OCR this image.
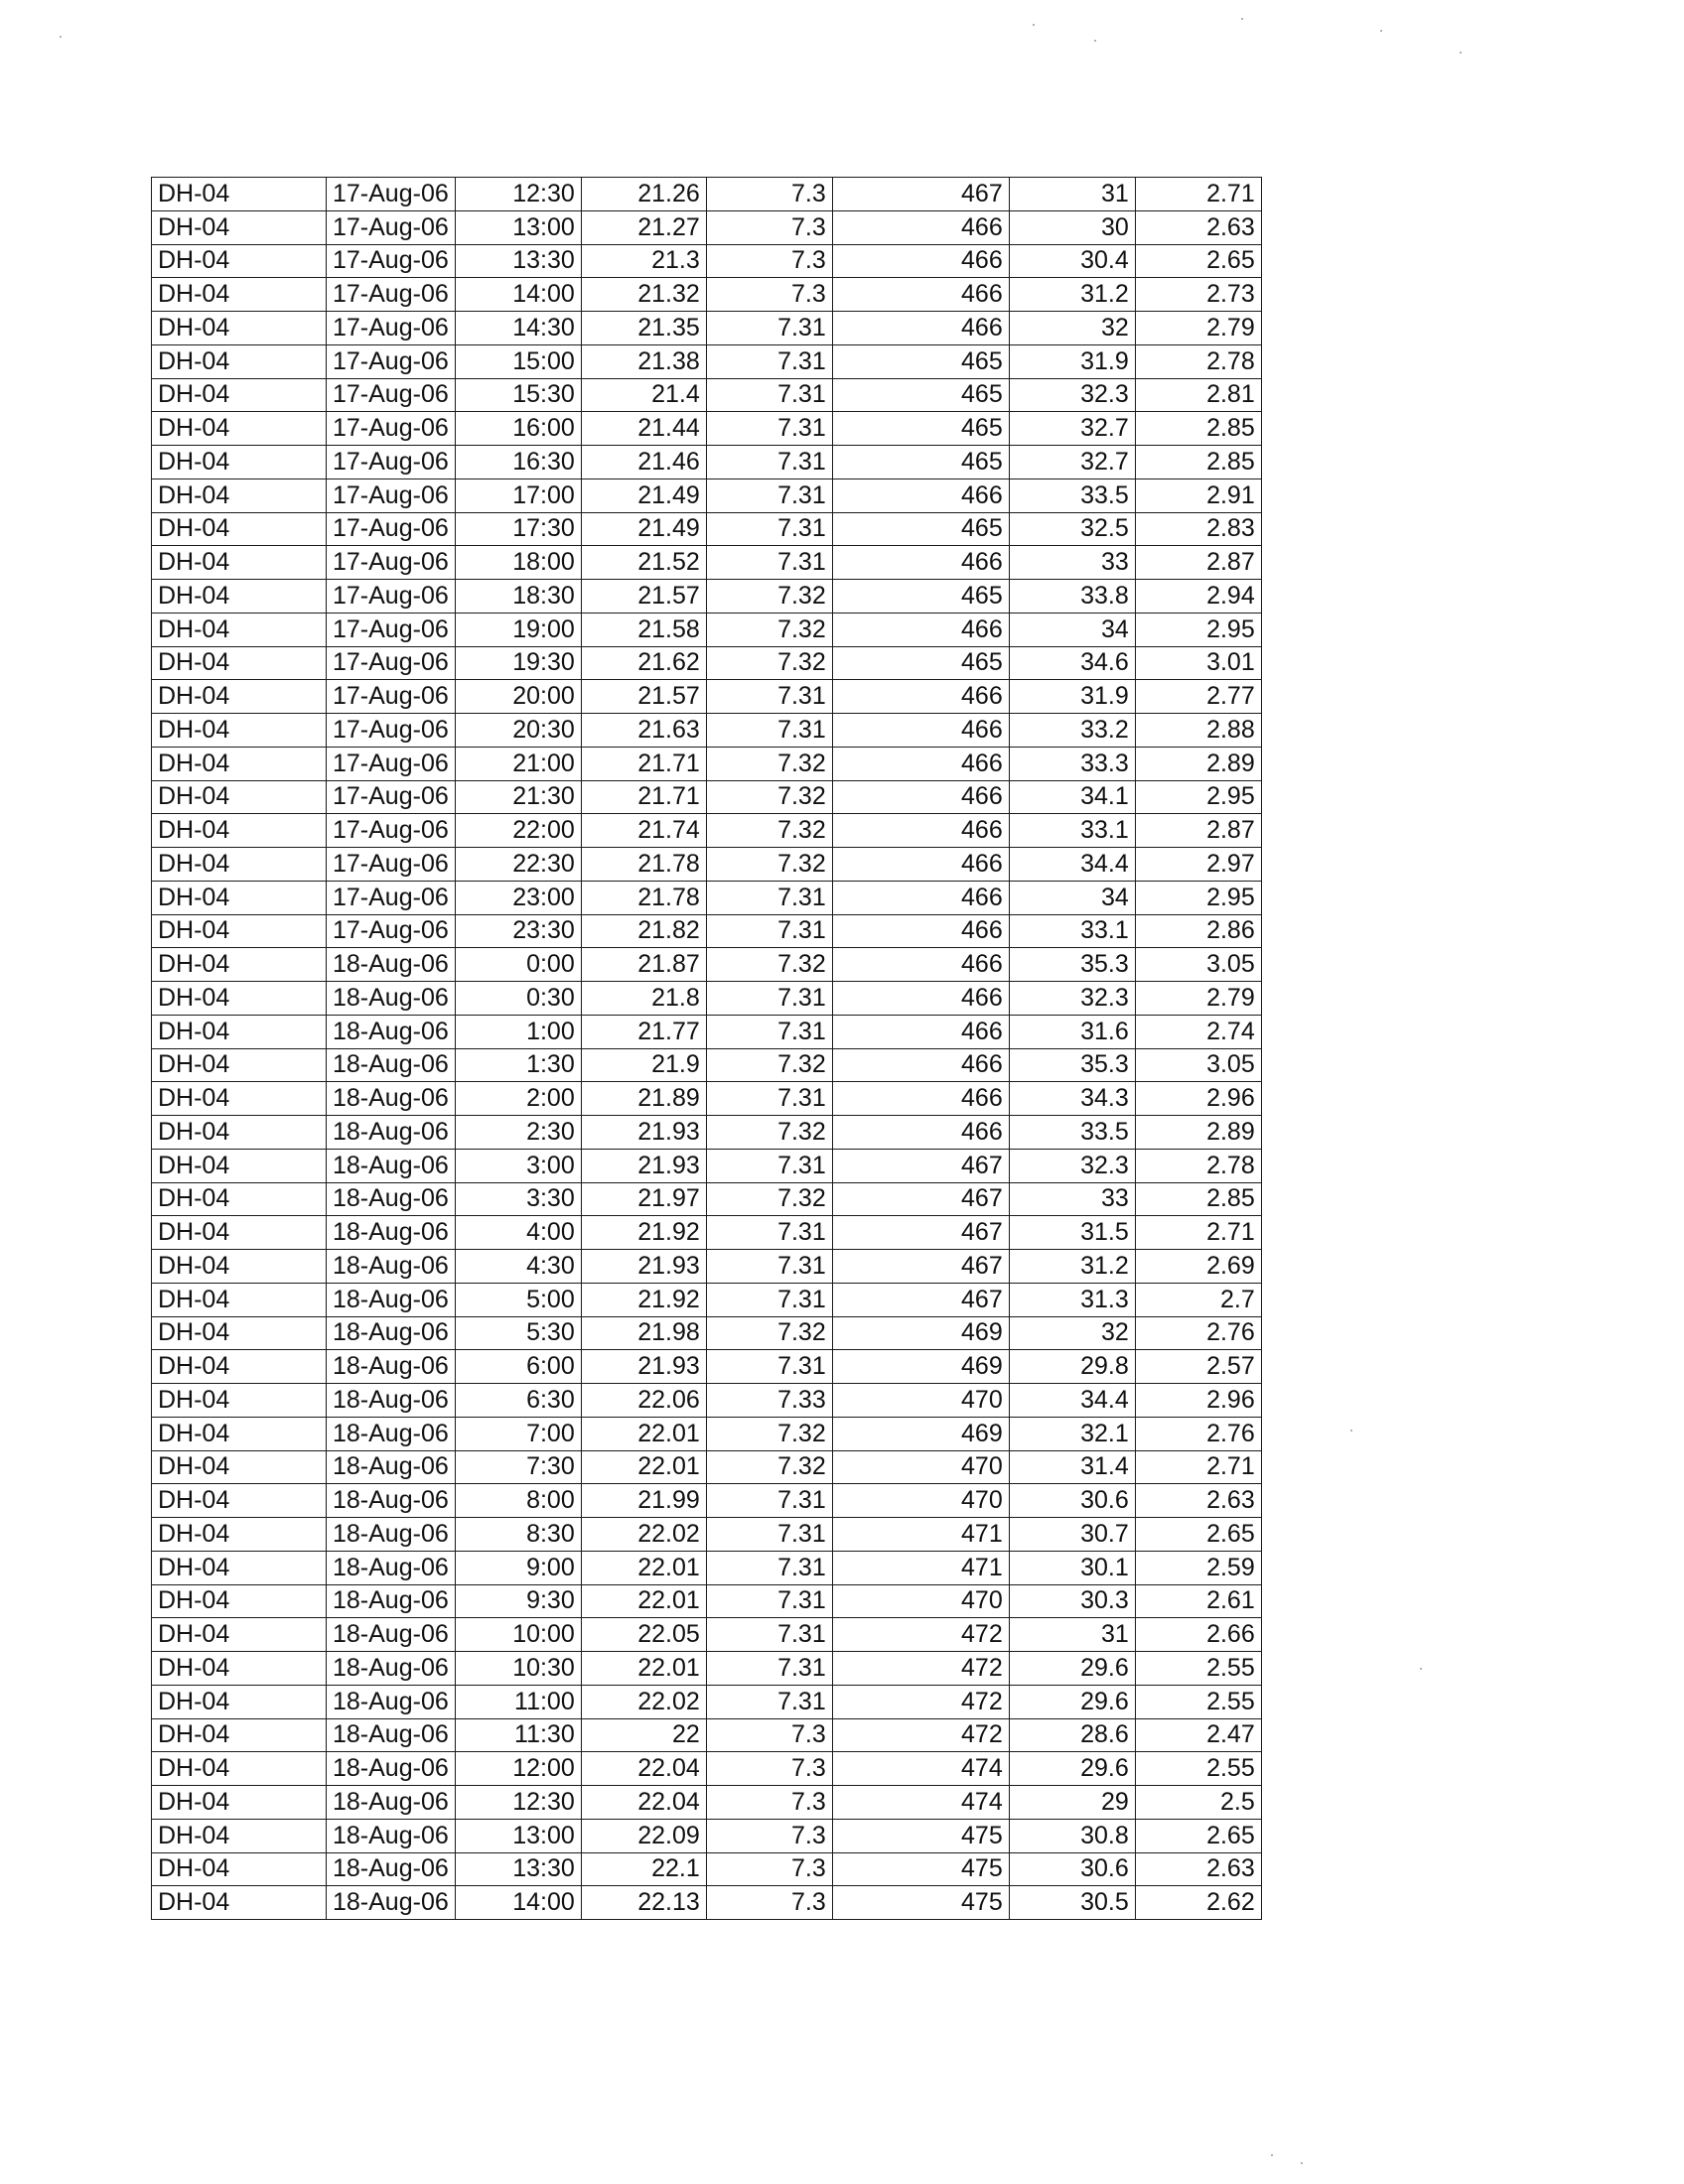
DH-04	17-Aug-06	12:30	21.26	7.3	467	31	2.71
DH-04	17-Aug-06	13:00	21.27	7.3	466	30	2.63
DH-04	17-Aug-06	13:30	21.3	7.3	466	30.4	2.65
DH-04	17-Aug-06	14:00	21.32	7.3	466	31.2	2.73
DH-04	17-Aug-06	14:30	21.35	7.31	466	32	2.79
DH-04	17-Aug-06	15:00	21.38	7.31	465	31.9	2.78
DH-04	17-Aug-06	15:30	21.4	7.31	465	32.3	2.81
DH-04	17-Aug-06	16:00	21.44	7.31	465	32.7	2.85
DH-04	17-Aug-06	16:30	21.46	7.31	465	32.7	2.85
DH-04	17-Aug-06	17:00	21.49	7.31	466	33.5	2.91
DH-04	17-Aug-06	17:30	21.49	7.31	465	32.5	2.83
DH-04	17-Aug-06	18:00	21.52	7.31	466	33	2.87
DH-04	17-Aug-06	18:30	21.57	7.32	465	33.8	2.94
DH-04	17-Aug-06	19:00	21.58	7.32	466	34	2.95
DH-04	17-Aug-06	19:30	21.62	7.32	465	34.6	3.01
DH-04	17-Aug-06	20:00	21.57	7.31	466	31.9	2.77
DH-04	17-Aug-06	20:30	21.63	7.31	466	33.2	2.88
DH-04	17-Aug-06	21:00	21.71	7.32	466	33.3	2.89
DH-04	17-Aug-06	21:30	21.71	7.32	466	34.1	2.95
DH-04	17-Aug-06	22:00	21.74	7.32	466	33.1	2.87
DH-04	17-Aug-06	22:30	21.78	7.32	466	34.4	2.97
DH-04	17-Aug-06	23:00	21.78	7.31	466	34	2.95
DH-04	17-Aug-06	23:30	21.82	7.31	466	33.1	2.86
DH-04	18-Aug-06	0:00	21.87	7.32	466	35.3	3.05
DH-04	18-Aug-06	0:30	21.8	7.31	466	32.3	2.79
DH-04	18-Aug-06	1:00	21.77	7.31	466	31.6	2.74
DH-04	18-Aug-06	1:30	21.9	7.32	466	35.3	3.05
DH-04	18-Aug-06	2:00	21.89	7.31	466	34.3	2.96
DH-04	18-Aug-06	2:30	21.93	7.32	466	33.5	2.89
DH-04	18-Aug-06	3:00	21.93	7.31	467	32.3	2.78
DH-04	18-Aug-06	3:30	21.97	7.32	467	33	2.85
DH-04	18-Aug-06	4:00	21.92	7.31	467	31.5	2.71
DH-04	18-Aug-06	4:30	21.93	7.31	467	31.2	2.69
DH-04	18-Aug-06	5:00	21.92	7.31	467	31.3	2.7
DH-04	18-Aug-06	5:30	21.98	7.32	469	32	2.76
DH-04	18-Aug-06	6:00	21.93	7.31	469	29.8	2.57
DH-04	18-Aug-06	6:30	22.06	7.33	470	34.4	2.96
DH-04	18-Aug-06	7:00	22.01	7.32	469	32.1	2.76
DH-04	18-Aug-06	7:30	22.01	7.32	470	31.4	2.71
DH-04	18-Aug-06	8:00	21.99	7.31	470	30.6	2.63
DH-04	18-Aug-06	8:30	22.02	7.31	471	30.7	2.65
DH-04	18-Aug-06	9:00	22.01	7.31	471	30.1	2.59
DH-04	18-Aug-06	9:30	22.01	7.31	470	30.3	2.61
DH-04	18-Aug-06	10:00	22.05	7.31	472	31	2.66
DH-04	18-Aug-06	10:30	22.01	7.31	472	29.6	2.55
DH-04	18-Aug-06	11:00	22.02	7.31	472	29.6	2.55
DH-04	18-Aug-06	11:30	22	7.3	472	28.6	2.47
DH-04	18-Aug-06	12:00	22.04	7.3	474	29.6	2.55
DH-04	18-Aug-06	12:30	22.04	7.3	474	29	2.5
DH-04	18-Aug-06	13:00	22.09	7.3	475	30.8	2.65
DH-04	18-Aug-06	13:30	22.1	7.3	475	30.6	2.63
DH-04	18-Aug-06	14:00	22.13	7.3	475	30.5	2.62
